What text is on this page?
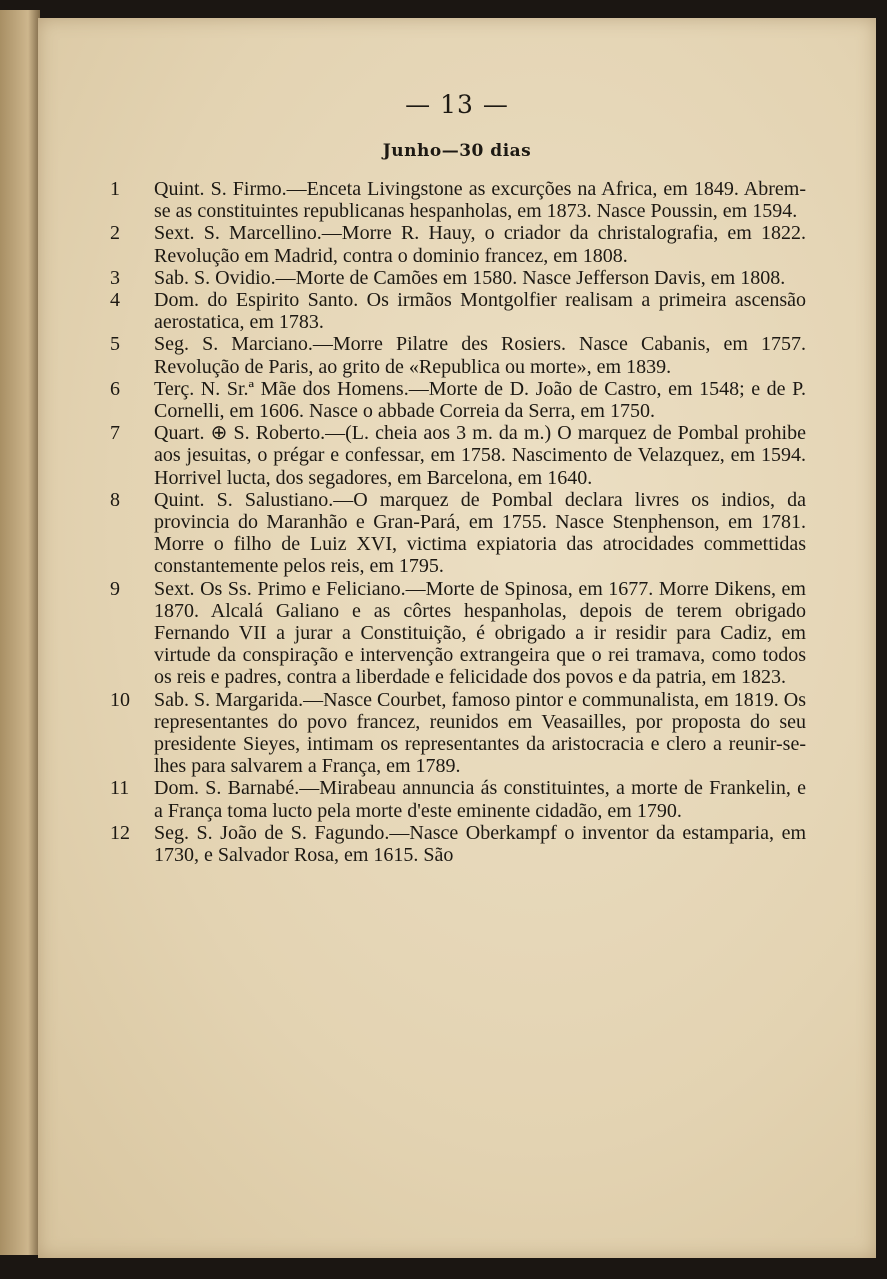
— 13 —
Junho—30 dias

1	Quint. S. Firmo.—Enceta Livingstone as excurções na Africa, em 1849. Abrem-se as constituintes republicanas hespanholas, em 1873. Nasce Poussin, em 1594.

2	Sext. S. Marcellino.—Morre R. Hauy, o criador da christalografia, em 1822. Revolução em Madrid, contra o dominio francez, em 1808.

3	Sab. S. Ovidio.—Morte de Camões em 1580. Nasce Jefferson Davis, em 1808.

4	Dom. do Espirito Santo. Os irmãos Montgolfier realisam a primeira ascensão aerostatica, em 1783.

5	Seg. S. Marciano.—Morre Pilatre des Rosiers. Nasce Cabanis, em 1757. Revolução de Paris, ao grito de «Republica ou morte», em 1839.

6	Terç. N. Sr.ª Mãe dos Homens.—Morte de D. João de Castro, em 1548; e de P. Cornelli, em 1606. Nasce o abbade Correia da Serra, em 1750.

7	Quart. ⊕ S. Roberto.—(L. cheia aos 3 m. da m.) O marquez de Pombal prohibe aos jesuitas, o prégar e confessar, em 1758. Nascimento de Velazquez, em 1594. Horrivel lucta, dos segadores, em Barcelona, em 1640.

8	Quint. S. Salustiano.—O marquez de Pombal declara livres os indios, da provincia do Maranhão e Gran-Pará, em 1755. Nasce Stenphenson, em 1781. Morre o filho de Luiz XVI, victima expiatoria das atrocidades commettidas constantemente pelos reis, em 1795.

9	Sext. Os Ss. Primo e Feliciano.—Morte de Spinosa, em 1677. Morre Dikens, em 1870. Alcalá Galiano e as côrtes hespanholas, depois de terem obrigado Fernando VII a jurar a Constituição, é obrigado a ir residir para Cadiz, em virtude da conspiração e intervenção extrangeira que o rei tramava, como todos os reis e padres, contra a liberdade e felicidade dos povos e da patria, em 1823.

10	Sab. S. Margarida.—Nasce Courbet, famoso pintor e communalista, em 1819. Os representantes do povo francez, reunidos em Veasailles, por proposta do seu presidente Sieyes, intimam os representantes da aristocracia e clero a reunir-se-lhes para salvarem a França, em 1789.

11	Dom. S. Barnabé.—Mirabeau annuncia ás constituintes, a morte de Frankelin, e a França toma lucto pela morte d'este eminente cidadão, em 1790.

12	Seg. S. João de S. Fagundo.—Nasce Oberkampf o inventor da estamparia, em 1730, e Salvador Rosa, em 1615. São
